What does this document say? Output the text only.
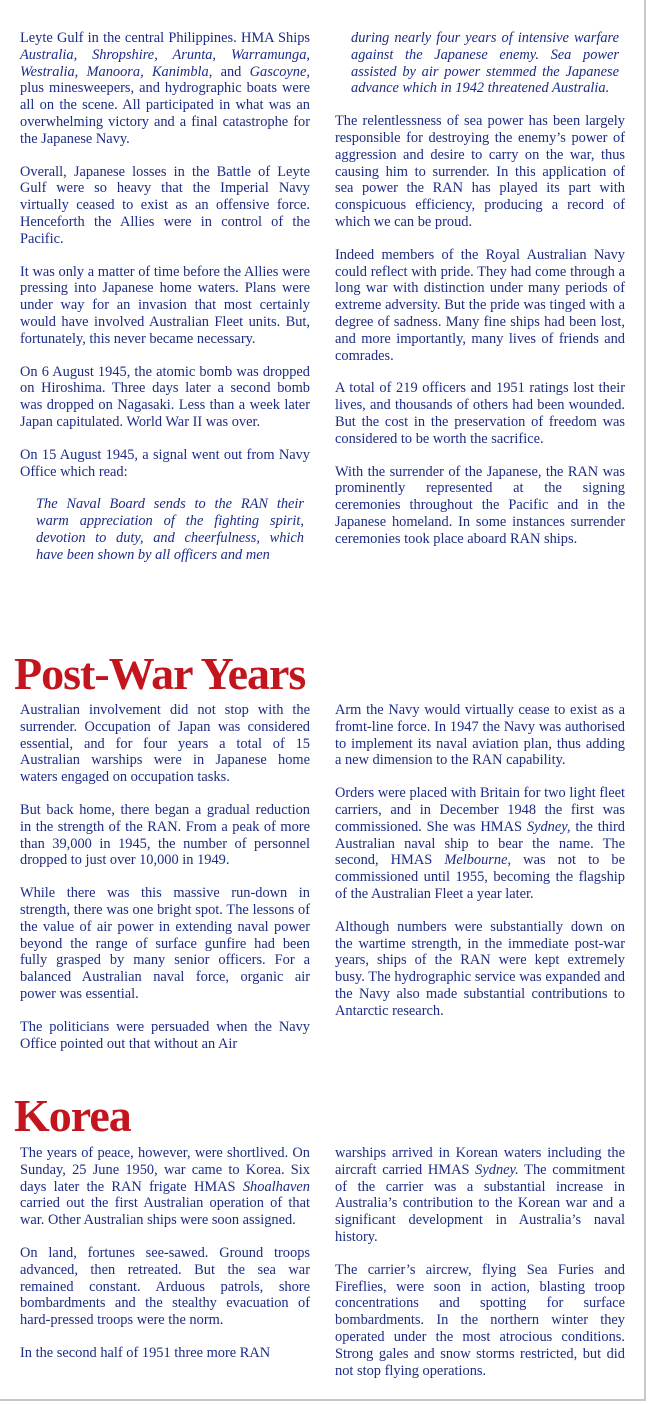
Leyte Gulf in the central Philippines. HMA Ships Australia, Shropshire, Arunta, Warramunga, Westralia, Manoora, Kanimbla, and Gascoyne, plus minesweepers, and hydrographic boats were all on the scene. All participated in what was an overwhelming victory and a final catastrophe for the Japanese Navy.

Overall, Japanese losses in the Battle of Leyte Gulf were so heavy that the Imperial Navy virtually ceased to exist as an offensive force. Henceforth the Allies were in control of the Pacific.

It was only a matter of time before the Allies were pressing into Japanese home waters. Plans were under way for an invasion that most certainly would have involved Australian Fleet units. But, fortunately, this never became necessary.

On 6 August 1945, the atomic bomb was dropped on Hiroshima. Three days later a second bomb was dropped on Nagasaki. Less than a week later Japan capitulated. World War II was over.

On 15 August 1945, a signal went out from Navy Office which read:

The Naval Board sends to the RAN their warm appreciation of the fighting spirit, devotion to duty, and cheerfulness, which have been shown by all officers and men

during nearly four years of intensive warfare against the Japanese enemy. Sea power assisted by air power stemmed the Japanese advance which in 1942 threatened Australia.

The relentlessness of sea power has been largely responsible for destroying the enemy’s power of aggression and desire to carry on the war, thus causing him to surrender. In this application of sea power the RAN has played its part with conspicuous efficiency, producing a record of which we can be proud.

Indeed members of the Royal Australian Navy could reflect with pride. They had come through a long war with distinction under many periods of extreme adversity. But the pride was tinged with a degree of sadness. Many fine ships had been lost, and more importantly, many lives of friends and comrades.

A total of 219 officers and 1951 ratings lost their lives, and thousands of others had been wounded. But the cost in the preservation of freedom was considered to be worth the sacrifice.

With the surrender of the Japanese, the RAN was prominently represented at the signing ceremonies throughout the Pacific and in the Japanese homeland. In some instances surrender ceremonies took place aboard RAN ships.

Post-War Years

Australian involvement did not stop with the surrender. Occupation of Japan was considered essential, and for four years a total of 15 Australian warships were in Japanese home waters engaged on occupation tasks.

But back home, there began a gradual reduction in the strength of the RAN. From a peak of more than 39,000 in 1945, the number of personnel dropped to just over 10,000 in 1949.

While there was this massive run-down in strength, there was one bright spot. The lessons of the value of air power in extending naval power beyond the range of surface gunfire had been fully grasped by many senior officers. For a balanced Australian naval force, organic air power was essential.

The politicians were persuaded when the Navy Office pointed out that without an Air

Arm the Navy would virtually cease to exist as a fromt-line force. In 1947 the Navy was authorised to implement its naval aviation plan, thus adding a new dimension to the RAN capability.

Orders were placed with Britain for two light fleet carriers, and in December 1948 the first was commissioned. She was HMAS Sydney, the third Australian naval ship to bear the name. The second, HMAS Melbourne, was not to be commissioned until 1955, becoming the flagship of the Australian Fleet a year later.

Although numbers were substantially down on the wartime strength, in the immediate post-war years, ships of the RAN were kept extremely busy. The hydrographic service was expanded and the Navy also made substantial contributions to Antarctic research.

Korea

The years of peace, however, were shortlived. On Sunday, 25 June 1950, war came to Korea. Six days later the RAN frigate HMAS Shoalhaven carried out the first Australian operation of that war. Other Australian ships were soon assigned.

On land, fortunes see-sawed. Ground troops advanced, then retreated. But the sea war remained constant. Arduous patrols, shore bombardments and the stealthy evacuation of hard-pressed troops were the norm.

In the second half of 1951 three more RAN

warships arrived in Korean waters including the aircraft carried HMAS Sydney. The commitment of the carrier was a substantial increase in Australia’s contribution to the Korean war and a significant development in Australia’s naval history.

The carrier’s aircrew, flying Sea Furies and Fireflies, were soon in action, blasting troop concentrations and spotting for surface bombardments. In the northern winter they operated under the most atrocious conditions. Strong gales and snow storms restricted, but did not stop flying operations.
